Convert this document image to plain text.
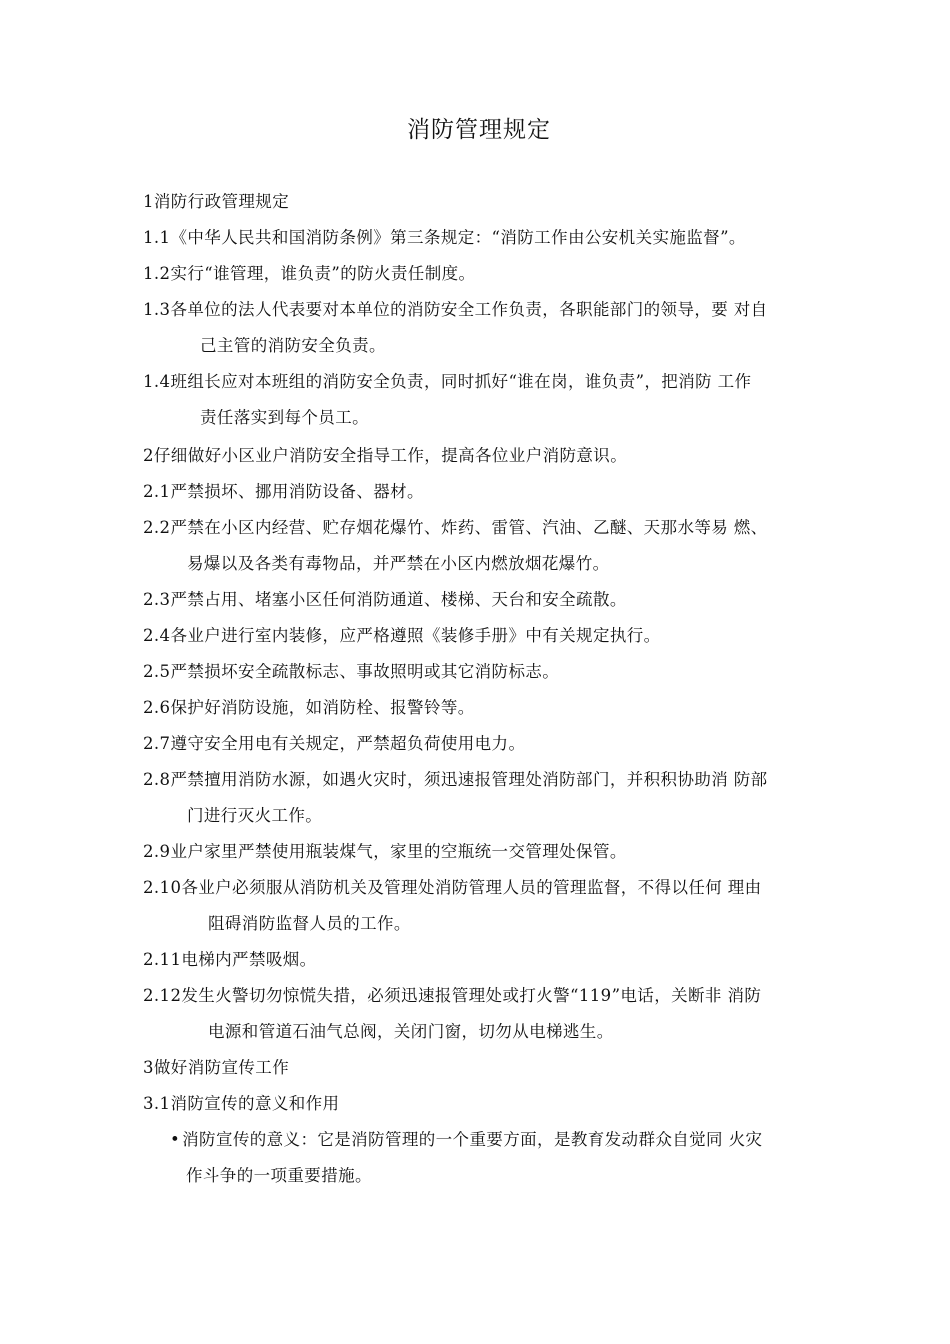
消防管理规定
1消防行政管理规定
1.1《中华人民共和国消防条例》第三条规定：“消防工作由公安机关实施监督”。
1.2实行“谁管理，谁负责”的防火责任制度。
1.3各单位的法人代表要对本单位的消防安全工作负责，各职能部门的领导，要 对自
己主管的消防安全负责。
1.4班组长应对本班组的消防安全负责，同时抓好“谁在岗，谁负责”，把消防 工作
责任落实到每个员工。
2仔细做好小区业户消防安全指导工作，提高各位业户消防意识。
2.1严禁损坏、挪用消防设备、器材。
2.2严禁在小区内经营、贮存烟花爆竹、炸药、雷管、汽油、乙醚、天那水等易 燃、
易爆以及各类有毒物品，并严禁在小区内燃放烟花爆竹。
2.3严禁占用、堵塞小区任何消防通道、楼梯、天台和安全疏散。
2.4各业户进行室内装修，应严格遵照《装修手册》中有关规定执行。
2.5严禁损坏安全疏散标志、事故照明或其它消防标志。
2.6保护好消防设施，如消防栓、报警铃等。
2.7遵守安全用电有关规定，严禁超负荷使用电力。
2.8严禁擅用消防水源，如遇火灾时，须迅速报管理处消防部门，并积积协助消 防部
门进行灭火工作。
2.9业户家里严禁使用瓶装煤气，家里的空瓶统一交管理处保管。
2.10各业户必须服从消防机关及管理处消防管理人员的管理监督，不得以任何 理由
阻碍消防监督人员的工作。
2.11电梯内严禁吸烟。
2.12发生火警切勿惊慌失措，必须迅速报管理处或打火警“119”电话，关断非 消防
电源和管道石油气总阀，关闭门窗，切勿从电梯逃生。
3做好消防宣传工作
3.1消防宣传的意义和作用
• 消防宣传的意义：它是消防管理的一个重要方面，是教育发动群众自觉同 火灾
作斗争的一项重要措施。
